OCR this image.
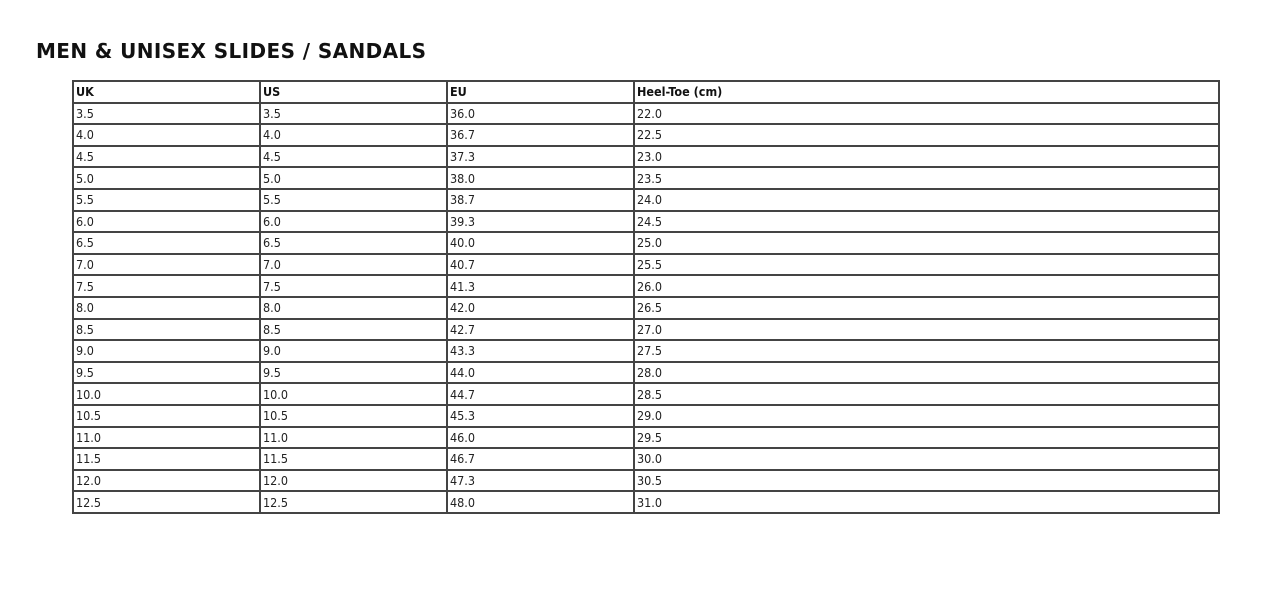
MEN & UNISEX SLIDES / SANDALS
UK	US	EU	Heel-Toe (cm)
3.5	3.5	36.0	22.0
4.0	4.0	36.7	22.5
4.5	4.5	37.3	23.0
5.0	5.0	38.0	23.5
5.5	5.5	38.7	24.0
6.0	6.0	39.3	24.5
6.5	6.5	40.0	25.0
7.0	7.0	40.7	25.5
7.5	7.5	41.3	26.0
8.0	8.0	42.0	26.5
8.5	8.5	42.7	27.0
9.0	9.0	43.3	27.5
9.5	9.5	44.0	28.0
10.0	10.0	44.7	28.5
10.5	10.5	45.3	29.0
11.0	11.0	46.0	29.5
11.5	11.5	46.7	30.0
12.0	12.0	47.3	30.5
12.5	12.5	48.0	31.0
